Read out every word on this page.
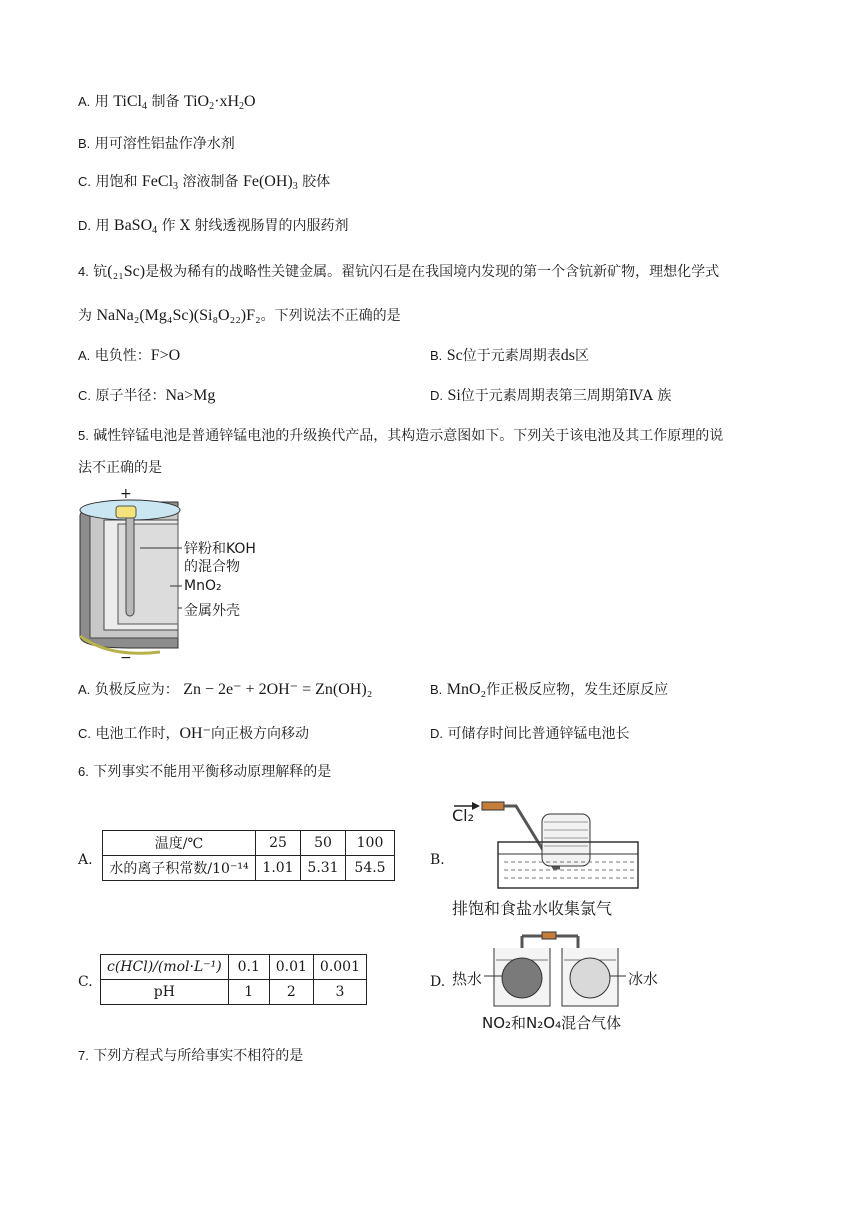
A. 用 TiCl$_4$ 制备 $TiO_2\cdot xH_2O$
B. 用可溶性铝盐作净水剂
C. 用饱和 FeCl$_3$ 溶液制备 $Fe(OH)_3$ 胶体
D. 用 BaSO$_4$ 作 X 射线透视肠胃的内服药剂
4. 钪(₂₁Sc)是极为稀有的战略性关键金属。翟钪闪石是在我国境内发现的第一个含钪新矿物，理想化学式
为 NaNa₂(Mg₄Sc)(Si₈O₂₂)F₂。下列说法不正确的是
A. 电负性：F>O	B. Sc位于元素周期表ds区
C. 原子半径：Na>Mg	D. Si位于元素周期表第三周期第ⅣA 族
5. 碱性锌锰电池是普通锌锰电池的升级换代产品，其构造示意图如下。下列关于该电池及其工作原理的说
法不正确的是
+
−
锌粉和KOH
的混合物
MnO₂
金属外壳
A. 负极反应为： Zn − 2e⁻ + 2OH⁻ = Zn(OH)₂	B. MnO₂作正极反应物，发生还原反应
C. 电池工作时，OH⁻向正极方向移动	D. 可储存时间比普通锌锰电池长
6. 下列事实不能用平衡移动原理解释的是
A.
温度/℃	25	50	100
水的离子积常数/10⁻¹⁴	1.01	5.31	54.5	B.
Cl₂
排饱和食盐水收集氯气
C.
c(HCl)/(mol·L⁻¹)	0.1	0.01	0.001
pH	1	2	3
D. 热水	冰水
NO₂和N₂O₄混合气体
7. 下列方程式与所给事实不相符的是
